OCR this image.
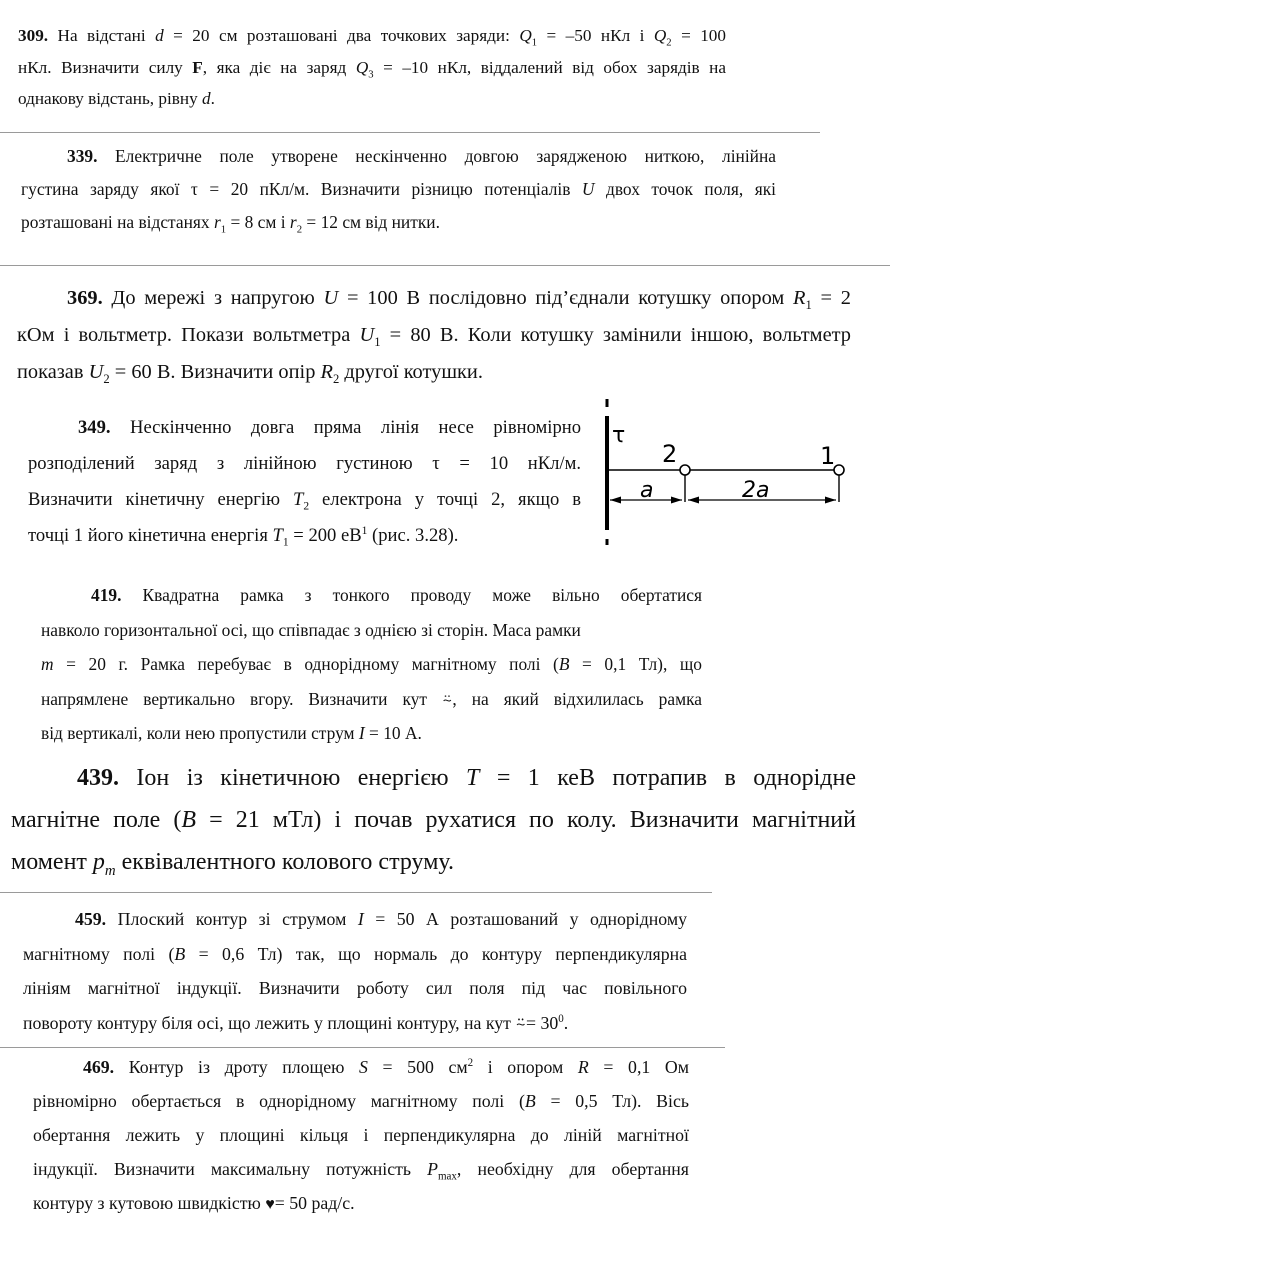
309. На відстані d = 20 см розташовані два точкових заряди: $Q_1 = -50$ нКл і $Q_2 = 100$
нКл. Визначити силу F, яка діє на заряд $Q_3 = -10$ нКл, віддалений від обох зарядів на
однакову відстань, рівну d.
339. Електричне поле утворене нескінченно довгою зарядженою ниткою, лінійна
густина заряду якої τ = 20 пКл/м. Визначити різницю потенціалів U двох точок поля, які
розташовані на відстанях $r_1 = 8$ см і $r_2 = 12$ см від нитки.
369. До мережі з напругою U = 100 В послідовно під’єднали котушку опором $R_1 = 2$
кОм і вольтметр. Покази вольтметра $U_1 = 80$ В. Коли котушку замінили іншою, вольтметр
показав $U_2 = 60$ В. Визначити опір $R_2$ другої котушки.
349. Нескінченно довга пряма лінія несе рівномірно
розподілений заряд з лінійною густиною τ = 10 нКл/м.
Визначити кінетичну енергію $T_2$ електрона у точці 2, якщо в
точці 1 його кінетична енергія $T_1 = 200$ $еВ^1$ (рис. 3.28).
τ
2	1
a	2a
419. Квадратна рамка з тонкого проводу може вільно обертатися
навколо горизонтальної осі, що співпадає з однією зі сторін. Маса рамки
m = 20 г. Рамка перебуває в однорідному магнітному полі (B = 0,1 Тл), що
напрямлене вертикально вгору. Визначити кут ⍨, на який відхилилась рамка
від вертикалі, коли нею пропустили струм I = 10 А.
439. Іон із кінетичною енергією T = 1 кеВ потрапив в однорідне
магнітне поле (B = 21 мТл) і почав рухатися по колу. Визначити магнітний
момент $p_m$ еквівалентного колового струму.
459. Плоский контур зі струмом I = 50 А розташований у однорідному
магнітному полі (B = 0,6 Тл) так, що нормаль до контуру перпендикулярна
лініям магнітної індукції. Визначити роботу сил поля під час повільного
повороту контуру біля осі, що лежить у площині контуру, на кут ⍨= $30^0$.
469. Контур із дроту площею S = 500 $см^2$ і опором R = 0,1 Ом
рівномірно обертається в однорідному магнітному полі (B = 0,5 Тл). Вісь
обертання лежить у площині кільця і перпендикулярна до ліній магнітної
індукції. Визначити максимальну потужність $P_{max}$, необхідну для обертання
контуру з кутовою швидкістю ♥= 50 рад/с.
